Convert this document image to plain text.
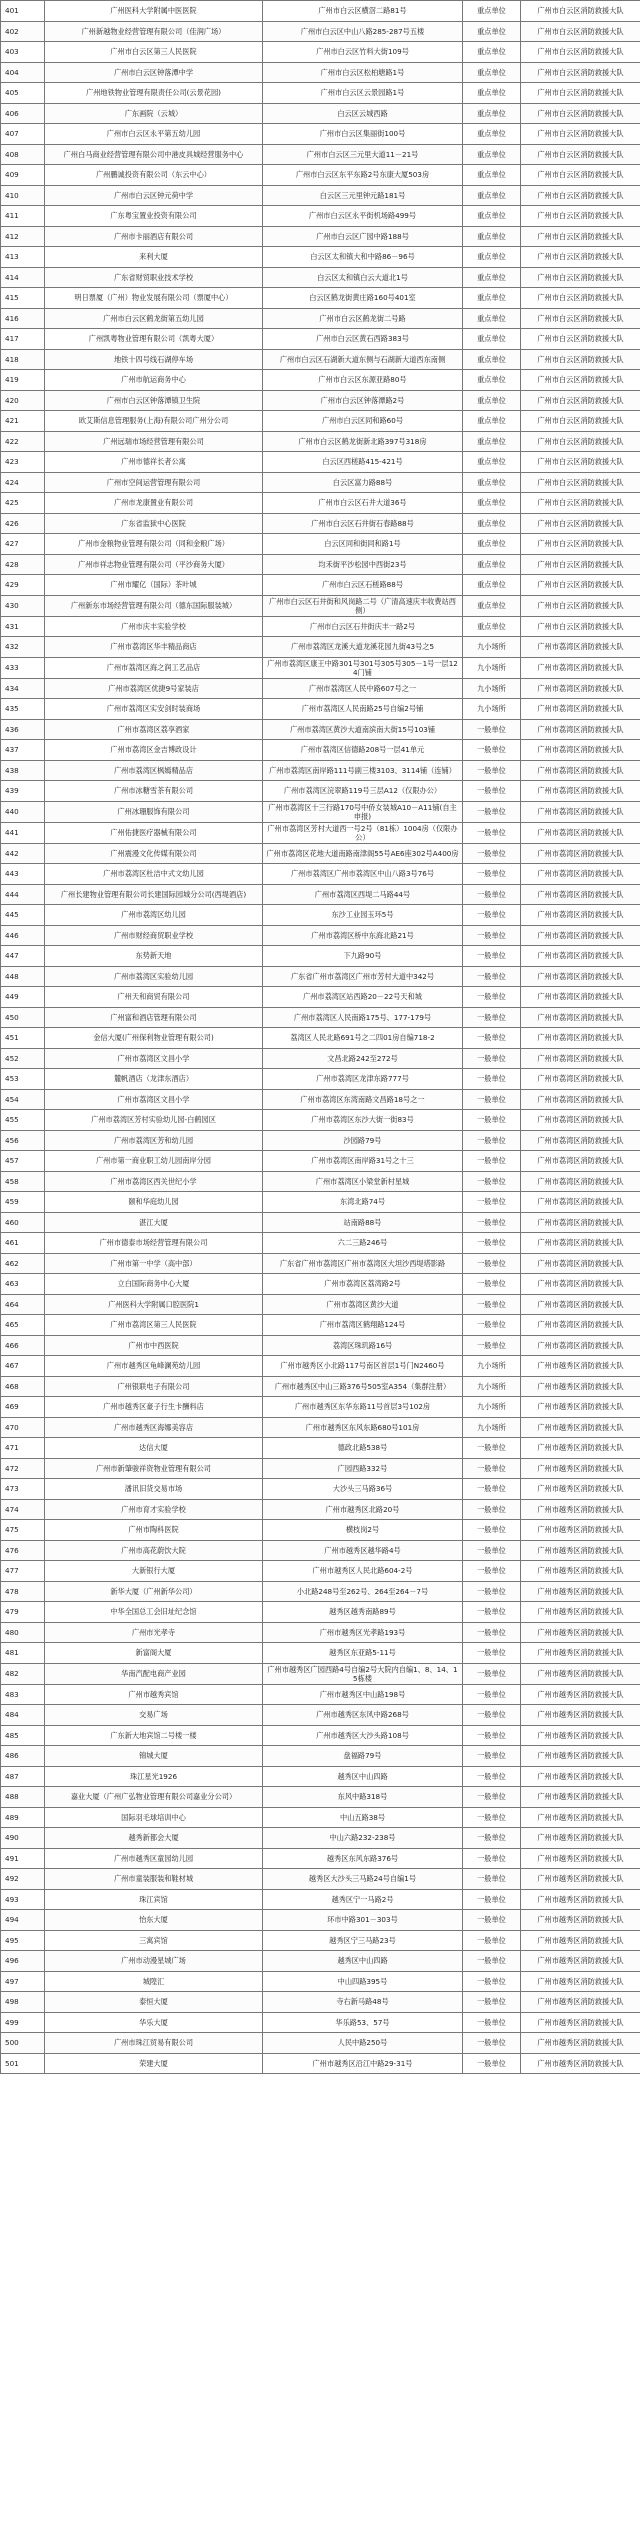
401	广州医科大学附属中医医院	广州市白云区横滘二路81号	重点单位	广州市白云区消防救援大队
402	广州新越物业经营管理有限公司（佳润广场）	广州市白云区中山八路285-287号五楼	重点单位	广州市白云区消防救援大队
403	广州市白云区第三人民医院	广州市白云区竹料大街109号	重点单位	广州市白云区消防救援大队
404	广州市白云区钟落潭中学	广州市白云区松柏塘路1号	重点单位	广州市白云区消防救援大队
405	广州地铁物业管理有限责任公司(云景花园)	广州市白云区云景园路1号	重点单位	广州市白云区消防救援大队
406	广东画院（云城）	白云区云城西路	重点单位	广州市白云区消防救援大队
407	广州市白云区永平第五幼儿园	广州市白云区集丽街100号	重点单位	广州市白云区消防救援大队
408	广州白马商业经营管理有限公司中港皮具城经营服务中心	广州市白云区三元里大道11－21号	重点单位	广州市白云区消防救援大队
409	广州鹏诚投资有限公司（东云中心）	广州市白云区东平东路2号东康大厦503房	重点单位	广州市白云区消防救援大队
410	广州市白云区钟元荷中学	白云区三元里钟元路181号	重点单位	广州市白云区消防救援大队
411	广东粤宝置业投资有限公司	广州市白云区永平街机场路499号	重点单位	广州市白云区消防救援大队
412	广州市卡丽酒店有限公司	广州市白云区广园中路188号	重点单位	广州市白云区消防救援大队
413	来利大厦	白云区太和镇大和中路86－96号	重点单位	广州市白云区消防救援大队
414	广东省财贸职业技术学校	白云区太和镇白云大道北1号	重点单位	广州市白云区消防救援大队
415	明日票厦（广州）物业发展有限公司（票厦中心）	白云区鹤龙街黄庄路160号401室	重点单位	广州市白云区消防救援大队
416	广州市白云区鹤龙街第五幼儿园	广州市白云区鹤龙街二号路	重点单位	广州市白云区消防救援大队
417	广州凯粤物业管理有限公司（凯粤大厦）	广州市白云区黄石西路383号	重点单位	广州市白云区消防救援大队
418	地铁十四号线石湖停车场	广州市白云区石湖新大道东侧与石湖新大道西东南侧	重点单位	广州市白云区消防救援大队
419	广州市航运商务中心	广州市白云区东源亚路80号	重点单位	广州市白云区消防救援大队
420	广州市白云区钟落潭镇卫生院	广州市白云区钟落潭路2号	重点单位	广州市白云区消防救援大队
421	欧艾斯信息管理服务(上海)有限公司广州分公司	广州市白云区同和路60号	重点单位	广州市白云区消防救援大队
422	广州远瑞市场经营管理有限公司	广州市白云区鹤龙街新北路397号318房	重点单位	广州市白云区消防救援大队
423	广州市德祥长者公寓	白云区西槎路415-421号	重点单位	广州市白云区消防救援大队
424	广州市空间运营管理有限公司	白云区富力路88号	重点单位	广州市白云区消防救援大队
425	广州市龙康置业有限公司	广州市白云区石井大道36号	重点单位	广州市白云区消防救援大队
426	广东省监狱中心医院	广州市白云区石井街石春路88号	重点单位	广州市白云区消防救援大队
427	广州市金粮物业管理有限公司（同和金粮广场）	白云区同和街同和路1号	重点单位	广州市白云区消防救援大队
428	广州市祥志物业管理有限公司（平沙商务大厦）	均禾街平沙松园中西街23号	重点单位	广州市白云区消防救援大队
429	广州市耀亿（国际）茶叶城	广州市白云区石槎路88号	重点单位	广州市白云区消防救援大队
430	广州新东市场经营管理有限公司（德东国际服装城）	广州市白云区石井街和风岗路二号（广清高速庆丰收费站西侧）	重点单位	广州市白云区消防救援大队
431	广州市庆丰实验学校	广州市白云区石井街庆丰一路2号	重点单位	广州市白云区消防救援大队
432	广州市荔湾区华丰精品商店	广州市荔湾区龙溪大道龙溪花园九街43号之5	九小场所	广州市荔湾区消防救援大队
433	广州市荔湾区海之润工艺品店	广州市荔湾区康王中路301号301号305号305－1号一层124门铺	九小场所	广州市荔湾区消防救援大队
434	广州市荔湾区优捷9号家装店	广州市荔湾区人民中路607号之一	九小场所	广州市荔湾区消防救援大队
435	广州市荔湾区实安剑时装商场	广州市荔湾区人民南路25号自编2号铺	九小场所	广州市荔湾区消防救援大队
436	广州市荔湾区荔享酒家	广州市荔湾区黄沙大道南滨南大街15号103铺	一般单位	广州市荔湾区消防救援大队
437	广州市荔湾区金吉博政设计	广州市荔湾区信德路208号一层41单元	一般单位	广州市荔湾区消防救援大队
438	广州市荔湾区枫嫣精品店	广州市荔湾区南岸路111号副三楼3103、3114铺（连铺）	一般单位	广州市荔湾区消防救援大队
439	广州市冰糖雪茶有限公司	广州市荔湾区浣翠路119号三层A12（仅限办公）	一般单位	广州市荔湾区消防救援大队
440	广州冰珊服饰有限公司	广州市荔湾区十三行路170号中侨女装城A10－A11铺(自主申报)	一般单位	广州市荔湾区消防救援大队
441	广州佑捷医疗器械有限公司	广州市荔湾区芳村大道西一号2号（81栋）1004房（仅限办公）	一般单位	广州市荔湾区消防救援大队
442	广州震漫文化传媒有限公司	广州市荔湾区花地大道南路南津阁55号AE6座302号A400房	一般单位	广州市荔湾区消防救援大队
443	广州市荔湾区杜洁中式文幼儿园	广州市荔湾区广州市荔湾区中山八路3号76号	一般单位	广州市荔湾区消防救援大队
444	广州长建物业管理有限公司长建国际园城分公司(西堤酒店)	广州市荔湾区西堤二马路44号	一般单位	广州市荔湾区消防救援大队
445	广州市荔湾区幼儿园	东沙工业园玉环5号	一般单位	广州市荔湾区消防救援大队
446	广州市财经商贸职业学校	广州市荔湾区桥中东海北路21号	一般单位	广州市荔湾区消防救援大队
447	东势新天地	下九路90号	一般单位	广州市荔湾区消防救援大队
448	广州市荔湾区实验幼儿园	广东省广州市荔湾区广州市芳村大道中342号	一般单位	广州市荔湾区消防救援大队
449	广州天和商贸有限公司	广州市荔湾区站西路20－22号天和城	一般单位	广州市荔湾区消防救援大队
450	广州富和酒店管理有限公司	广州市荔湾区人民南路175号、177-179号	一般单位	广州市荔湾区消防救援大队
451	金信大厦(广州保利物业管理有限公司)	荔湾区人民北路691号之二四01房自编718-2	一般单位	广州市荔湾区消防救援大队
452	广州市荔湾区文昌小学	文昌北路242至272号	一般单位	广州市荔湾区消防救援大队
453	麓帆酒店（龙津东酒店）	广州市荔湾区龙津东路777号	一般单位	广州市荔湾区消防救援大队
454	广州市荔湾区文昌小学	广州市荔湾区东湾南路文昌路18号之一	一般单位	广州市荔湾区消防救援大队
455	广州市荔湾区芳村实验幼儿园-白鹤园区	广州市荔湾区东沙大街一街83号	一般单位	广州市荔湾区消防救援大队
456	广州市荔湾区芳和幼儿园	沙园路79号	一般单位	广州市荔湾区消防救援大队
457	广州市第一商业职工幼儿园南岸分园	广州市荔湾区南岸路31号之十三	一般单位	广州市荔湾区消防救援大队
458	广州市荔湾区西关世纪小学	广州市荔湾区小梁堂新村星城	一般单位	广州市荔湾区消防救援大队
459	颐和华庭幼儿园	东湾北路74号	一般单位	广州市荔湾区消防救援大队
460	湛江大厦	站南路88号	一般单位	广州市荔湾区消防救援大队
461	广州市德泰市场经营管理有限公司	六二三路246号	一般单位	广州市荔湾区消防救援大队
462	广州市第一中学（高中部）	广东省广州市荔湾区广州市荔湾区大坦沙西堤塔影路	一般单位	广州市荔湾区消防救援大队
463	立白国际商务中心大厦	广州市荔湾区荔湾路2号	一般单位	广州市荔湾区消防救援大队
464	广州医科大学附属口腔医院1	广州市荔湾区黄沙大道	一般单位	广州市荔湾区消防救援大队
465	广州市荔湾区第三人民医院	广州市荔湾区鹤翔路124号	一般单位	广州市荔湾区消防救援大队
466	广州市中西医院	荔湾区珠玑路16号	一般单位	广州市荔湾区消防救援大队
467	广州市越秀区龟峰澜苑幼儿园	广州市越秀区小北路117号南区首层1号门N2460号	九小场所	广州市越秀区消防救援大队
468	广州银联电子有限公司	广州市越秀区中山三路376号505室A354（集群注册）	九小场所	广州市越秀区消防救援大队
469	广州市越秀区豪子行生卡酬料店	广州市越秀区东华东路11号首层3号102房	九小场所	广州市越秀区消防救援大队
470	广州市越秀区海娜美容店	广州市越秀区东风东路680号101房	九小场所	广州市越秀区消防救援大队
471	达信大厦	德政北路538号	一般单位	广州市越秀区消防救援大队
472	广州市新肇骏祥资物业管理有限公司	广园西路332号	一般单位	广州市越秀区消防救援大队
473	潘讯旧货交易市场	大沙头三马路36号	一般单位	广州市越秀区消防救援大队
474	广州市育才实验学校	广州市越秀区北路20号	一般单位	广州市越秀区消防救援大队
475	广州市陶科医院	横枝岗2号	一般单位	广州市越秀区消防救援大队
476	广州市高花蔚饮大院	广州市越秀区越华路4号	一般单位	广州市越秀区消防救援大队
477	大新银行大厦	广州市越秀区人民北路604-2号	一般单位	广州市越秀区消防救援大队
478	新华大厦（广州新华公司）	小北路248号至262号、264至264－7号	一般单位	广州市越秀区消防救援大队
479	中华全国总工会旧址纪念馆	越秀区越秀南路89号	一般单位	广州市越秀区消防救援大队
480	广州市光孝寺	广州市越秀区光孝路193号	一般单位	广州市越秀区消防救援大队
481	新富阁大厦	越秀区东亚路5-11号	一般单位	广州市越秀区消防救援大队
482	华南汽配电商产业园	广州市越秀区广园西路4号自编2号大院内自编1、8、14、15栋楼	一般单位	广州市越秀区消防救援大队
483	广州市越秀宾馆	广州市越秀区中山路198号	一般单位	广州市越秀区消防救援大队
484	交易广场	广州市越秀区东风中路268号	一般单位	广州市越秀区消防救援大队
485	广东新大地宾馆二号楼一楼	广州市越秀区大沙头路108号	一般单位	广州市越秀区消防救援大队
486	锦城大厦	盘福路79号	一般单位	广州市越秀区消防救援大队
487	珠江星光1926	越秀区中山四路	一般单位	广州市越秀区消防救援大队
488	嘉业大厦（广州广弘物业管理有限公司嘉业分公司）	东风中路318号	一般单位	广州市越秀区消防救援大队
489	国际羽毛球培训中心	中山五路38号	一般单位	广州市越秀区消防救援大队
490	越秀新都会大厦	中山六路232-238号	一般单位	广州市越秀区消防救援大队
491	广州市越秀区童园幼儿园	越秀区东风东路376号	一般单位	广州市越秀区消防救援大队
492	广州市童装服装和鞋材城	越秀区大沙头三马路24号自编1号	一般单位	广州市越秀区消防救援大队
493	珠江宾馆	越秀区宁一马路2号	一般单位	广州市越秀区消防救援大队
494	怡东大厦	环市中路301－303号	一般单位	广州市越秀区消防救援大队
495	三寓宾馆	越秀区宁三马路23号	一般单位	广州市越秀区消防救援大队
496	广州市动漫星城广场	越秀区中山四路	一般单位	广州市越秀区消防救援大队
497	城隍汇	中山四路395号	一般单位	广州市越秀区消防救援大队
498	泰恒大厦	寺右新马路48号	一般单位	广州市越秀区消防救援大队
499	华乐大厦	华乐路53、57号	一般单位	广州市越秀区消防救援大队
500	广州市珠江贸易有限公司	人民中路250号	一般单位	广州市越秀区消防救援大队
501	荣建大厦	广州市越秀区沿江中路29-31号	一般单位	广州市越秀区消防救援大队
